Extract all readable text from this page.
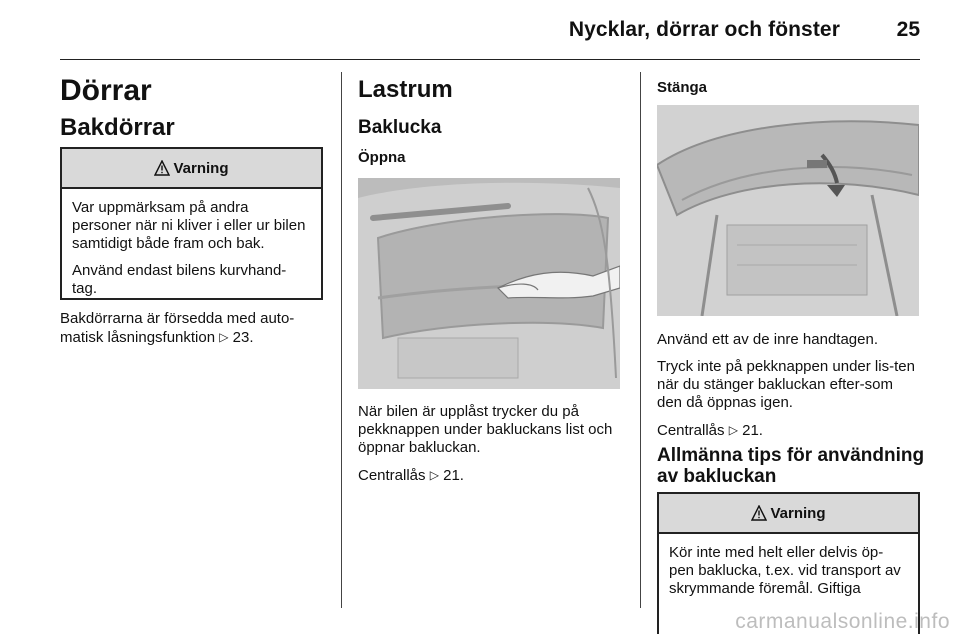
Nycklar, dörrar och fönster	25
Dörrar
Bakdörrar
Varning

Var uppmärksam på andra personer när ni kliver i eller ur bilen samtidigt både fram och bak.

Använd endast bilens kurvhand-tag.

Bakdörrarna är försedda med auto-matisk låsningsfunktion ▷ 23.

Lastrum
Baklucka
Öppna

När bilen är upplåst trycker du på pekknappen under bakluckans list och öppnar bakluckan.

Centrallås ▷ 21.

Stänga

Använd ett av de inre handtagen.

Tryck inte på pekknappen under lis-ten när du stänger bakluckan efter-som den då öppnas igen.

Centrallås ▷ 21.

Allmänna tips för användning av bakluckan
Varning

Kör inte med helt eller delvis öp-pen baklucka, t.ex. vid transport av skrymmande föremål. Giftiga

carmanualsonline.info
